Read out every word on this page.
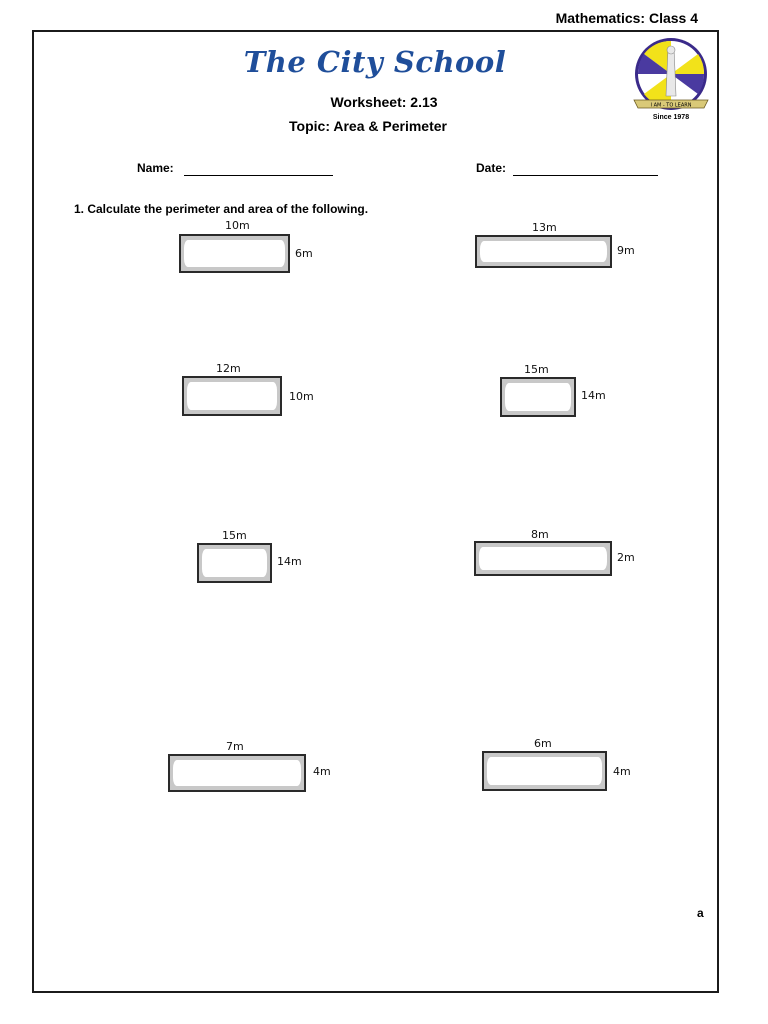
Mathematics: Class 4
The City School
I AM - TO LEARN
Since 1978
Worksheet: 2.13
Topic: Area & Perimeter
Name:	Date:
1. Calculate the perimeter and area of the following.
10m
6m
13m
9m
12m
10m
15m
14m
15m
14m
8m
2m
7m
4m
6m
4m
a
